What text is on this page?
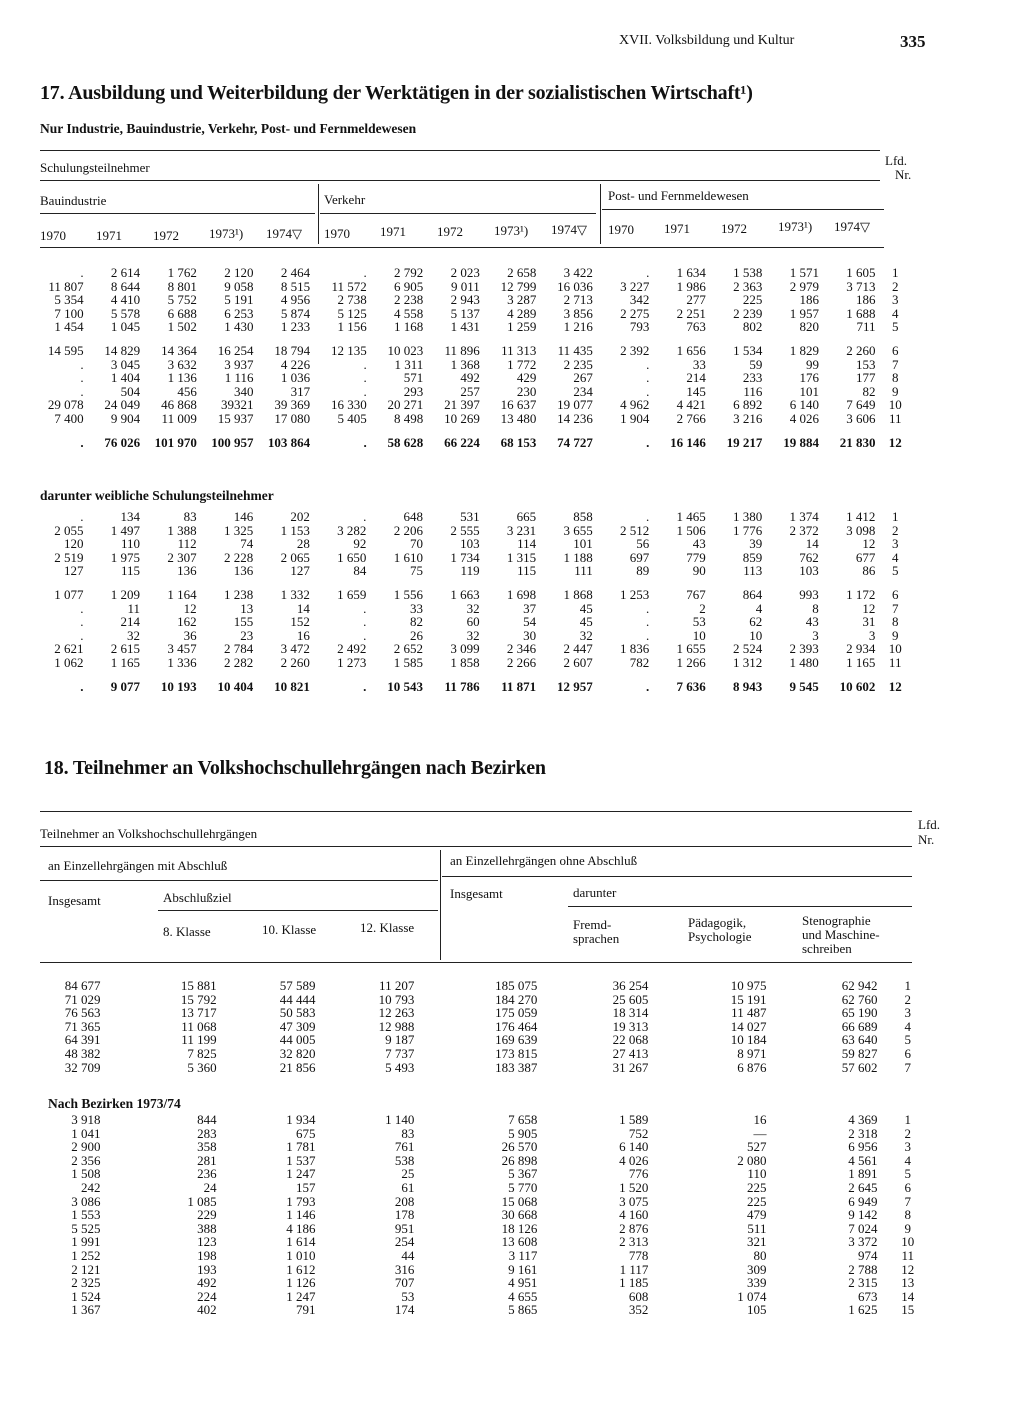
XVII. Volksbildung und Kultur	335
17. Ausbildung und Weiterbildung der Werktätigen in der sozialistischen Wirtschaft¹)
Nur Industrie, Bauindustrie, Verkehr, Post- und Fernmeldewesen
Schulungsteilnehmer	Lfd.
Nr.
Bauindustrie	Verkehr	Post- und Fernmeldewesen
1970 1971 1972 1973¹) 1974▽ 1970 1971 1972 1973¹) 1974▽ 1970 1971 1972 1973¹) 1974▽
.	2 614	1 762	2 120	2 464	.	2 792	2 023	2 658	3 422	.	1 634	1 538	1 571	1 605	1
11 807	8 644	8 801	9 058	8 515	11 572	6 905	9 011	12 799	16 036	3 227	1 986	2 363	2 979	3 713	2
5 354	4 410	5 752	5 191	4 956	2 738	2 238	2 943	3 287	2 713	342	277	225	186	186	3
7 100	5 578	6 688	6 253	5 874	5 125	4 558	5 137	4 289	3 856	2 275	2 251	2 239	1 957	1 688	4
1 454	1 045	1 502	1 430	1 233	1 156	1 168	1 431	1 259	1 216	793	763	802	820	711	5

14 595	14 829	14 364	16 254	18 794	12 135	10 023	11 896	11 313	11 435	2 392	1 656	1 534	1 829	2 260	6
.	3 045	3 632	3 937	4 226	.	1 311	1 368	1 772	2 235	.	33	59	99	153	7
.	1 404	1 136	1 116	1 036	.	571	492	429	267	.	214	233	176	177	8
.	504	456	340	317	.	293	257	230	234	.	145	116	101	82	9
29 078	24 049	46 868	39321	39 369	16 330	20 271	21 397	16 637	19 077	4 962	4 421	6 892	6 140	7 649	10
7 400	9 904	11 009	15 937	17 080	5 405	8 498	10 269	13 480	14 236	1 904	2 766	3 216	4 026	3 606	11

.	76 026	101 970	100 957	103 864	.	58 628	66 224	68 153	74 727	.	16 146	19 217	19 884	21 830	12
darunter weibliche Schulungsteilnehmer
.	134	83	146	202	.	648	531	665	858	.	1 465	1 380	1 374	1 412	1
2 055	1 497	1 388	1 325	1 153	3 282	2 206	2 555	3 231	3 655	2 512	1 506	1 776	2 372	3 098	2
120	110	112	74	28	92	70	103	114	101	56	43	39	14	12	3
2 519	1 975	2 307	2 228	2 065	1 650	1 610	1 734	1 315	1 188	697	779	859	762	677	4
127	115	136	136	127	84	75	119	115	111	89	90	113	103	86	5

1 077	1 209	1 164	1 238	1 332	1 659	1 556	1 663	1 698	1 868	1 253	767	864	993	1 172	6
.	11	12	13	14	.	33	32	37	45	.	2	4	8	12	7
.	214	162	155	152	.	82	60	54	45	.	53	62	43	31	8
.	32	36	23	16	.	26	32	30	32	.	10	10	3	3	9
2 621	2 615	3 457	2 784	3 472	2 492	2 652	3 099	2 346	2 447	1 836	1 655	2 524	2 393	2 934	10
1 062	1 165	1 336	2 282	2 260	1 273	1 585	1 858	2 266	2 607	782	1 266	1 312	1 480	1 165	11

.	9 077	10 193	10 404	10 821	.	10 543	11 786	11 871	12 957	.	7 636	8 943	9 545	10 602	12
18. Teilnehmer an Volkshochschullehrgängen nach Bezirken
Teilnehmer an Volkshochschullehrgängen
Lfd.
Nr.
an Einzellehrgängen mit Abschluß	an Einzellehrgängen ohne Abschluß
Insgesamt	Abschlußziel
8. Klasse	10. Klasse	12. Klasse
Insgesamt	darunter
Fremd-
sprachen
Pädagogik,
Psychologie
Stenographie
und Maschine-
schreiben
84 677	15 881	57 589	11 207	185 075	36 254	10 975	62 942	1
71 029	15 792	44 444	10 793	184 270	25 605	15 191	62 760	2
76 563	13 717	50 583	12 263	175 059	18 314	11 487	65 190	3
71 365	11 068	47 309	12 988	176 464	19 313	14 027	66 689	4
64 391	11 199	44 005	9 187	169 639	22 068	10 184	63 640	5
48 382	7 825	32 820	7 737	173 815	27 413	8 971	59 827	6
32 709	5 360	21 856	5 493	183 387	31 267	6 876	57 602	7
Nach Bezirken 1973/74
3 918	844	1 934	1 140	7 658	1 589	16	4 369	1
1 041	283	675	83	5 905	752	—	2 318	2
2 900	358	1 781	761	26 570	6 140	527	6 956	3
2 356	281	1 537	538	26 898	4 026	2 080	4 561	4
1 508	236	1 247	25	5 367	776	110	1 891	5
242	24	157	61	5 770	1 520	225	2 645	6
3 086	1 085	1 793	208	15 068	3 075	225	6 949	7
1 553	229	1 146	178	30 668	4 160	479	9 142	8
5 525	388	4 186	951	18 126	2 876	511	7 024	9
1 991	123	1 614	254	13 608	2 313	321	3 372	10
1 252	198	1 010	44	3 117	778	80	974	11
2 121	193	1 612	316	9 161	1 117	309	2 788	12
2 325	492	1 126	707	4 951	1 185	339	2 315	13
1 524	224	1 247	53	4 655	608	1 074	673	14
1 367	402	791	174	5 865	352	105	1 625	15
